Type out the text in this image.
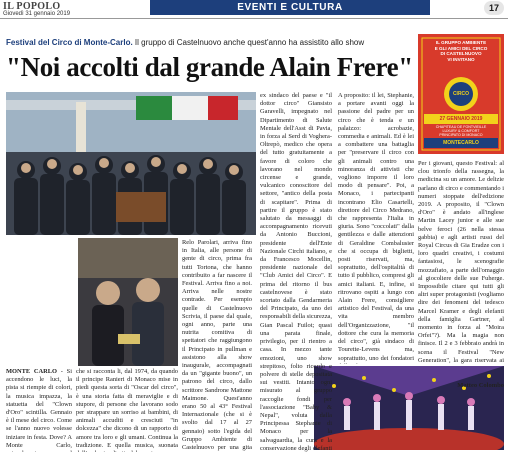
IL POPOLO
Giovedì 31 gennaio 2019
EVENTI E CULTURA	17
Festival del Circo di Monte-Carlo. Il gruppo di Castelnuovo anche quest'anno ha assistito allo show
"Noi accolti dal grande Alain Frere"
IL GRUPPO AMBIENTE
E GLI AMICI DEL CIRCO
DI CASTELNUOVO
VI INVITANO
CIRCO
27 GENNAIO 2019
CHAPITEAU DE FONTVIEILLE
LUXURY & COMFORT
PRINCIPATO DI MONACO
MONTECARLO

MONTE CARLO - Si accendono le luci, la pista si riempie di colori, la musica impazza, la statuetta del "Clown d'Oro" scintilla. Gennaio è il mese del circo. Come se l'anno nuovo volesse iniziare in festa. Dove? A Monte Carlo,

che si racconta li, dal 1974, da quando il principe Ranieri di Monaco mise in piedi questa sorta di "Oscar del circo", è una storia fatta di meraviglie e di stupore, di persone che lavorano sodo per strappare un sorriso ai bambini, di animali accuditi e cresciuti "in dolcezza" che dicono di un rapporto di amore tra loro e gli umani. Continua la tradizione. E quella musica, suonata

Relo Parolari, arriva fino in Italia, alle persone di gente di circo, prima fra tutti Tortona, che hanno contribuito a far nascere il Festival. Arriva fino a noi. Arriva nelle nostre contrade. Per esempio quelle di Castelnuovo Scrivia, il paese dal quale, ogni anno, parte una nutrita comitiva di spettatori che raggiungono il Principato in pullman e assistono alla show inaugurale, accompagnati da un "gigante buono", un patrono del circo, dallo scrittore Sandrone Mattone Maimone. Quest'anno erano 50 al 43° Festival Internazionale (che si è svolto dal 17 al 27 gennaio) sotto l'egida del Gruppo Ambiente di Castelnuovo per una gita

ex sindaco del paese e "il dottor circo" Giansisto Garavelli, impegnato nel Dipartimento di Salute Mentale dell'Asst di Pavia, in forza al Serd di Voghera-Oltrepò, medico che opera del tutto gratuitamente a favore di coloro che lavorano nel mondo circense e grande, vulcanico conoscitore del settore, "antico della posta di scapitare". Prima di partire il gruppo è stato salutato da messaggi di accompagnamento ricevuti da Antonio Buccioni, presidente dell'Ente Nazionale Circhi italiano, e da Francesco Mocellin, presidente nazionale del "Club Amici del Circo". E prima del ritorno il bus castelnovese è stato scortato dalla Gendarmeria del Principato, da uno dei responsabili della sicurezza, Gian Pascal Fuilot; quasi una parata finale, privilegio, per il rientro a casa. In mezzo tante emozioni, uno show strepitoso, folto ricordo e polvere di stelle depositata sui vestiti. Intanto ogni misurato al gruppo raccoglie fondi per l'associazione "Baby & Nepal", voluta dalla Principessa Stephanie di Monaco per la salvaguardia, la cura e la conservazione degli elefanti

A proposito: il lei, Stephanie, a portare avanti oggi la passione del padre per un circo che è tenda e un palaizzo: acrobazie, commedia e animali. Ed è lei a combattere una battaglia per "preservare il circo con gli animali contro una minoranza di attivisti che vogliono imporre il loro modo di pensare". Poi, a Monaco, i partecipanti incontrano Elio Casartelli, direttore del Circo Medrano, che rappresenta l'Italia in giuria. Sono "coccolati" dalla gentilezza e dalle attenzioni di Geraldine Combalusier che si occupa di biglietti, posti riservati, ma, soprattutto, dell'ospitalità di tutto il pubblico, compresi gli amici italiani. E, infine, si ritrovano ospiti a lungo con Alain Frere, consigliere artistico del Festival, da una vita membro dell'Organizzazione, "il dottore che cura la memoria del circo", già sindaco di Tourette-Levens ma, soprattutto, uno dei fondatori

Per i giovani, questo Festival: al clou trionfo della rassegna, la medicina su un amore. Le delizie parlano di circo e commentando i numeri stoppate dell'edizione 2019. A proposito, il "Clown d'Oro" è andato all'inglese Martin Lacey junior e alle sue belve feroci (26 nella stessa gabbia) e agli artisti russi del Royal Circus di Gia Eradze con i loro quadri creativi, i costumi fantasiosi, le scenografie mozzafiato, a parte dell'omaggio al giocoliere delle sue Fuherge. Impossibile citare qui tutti gli altri super protagonisti (vogliamo dire dei fenomeni del tedesco Marcel Kramer e degli elefanti della famiglia Gartner, al momento in forza al "Moira Orfei"?). Ma la magia non finisce. Il 2 e 3 febbraio andrà in scena il Festival "New Generation", la gara riservata ai

Matteo Colombo
